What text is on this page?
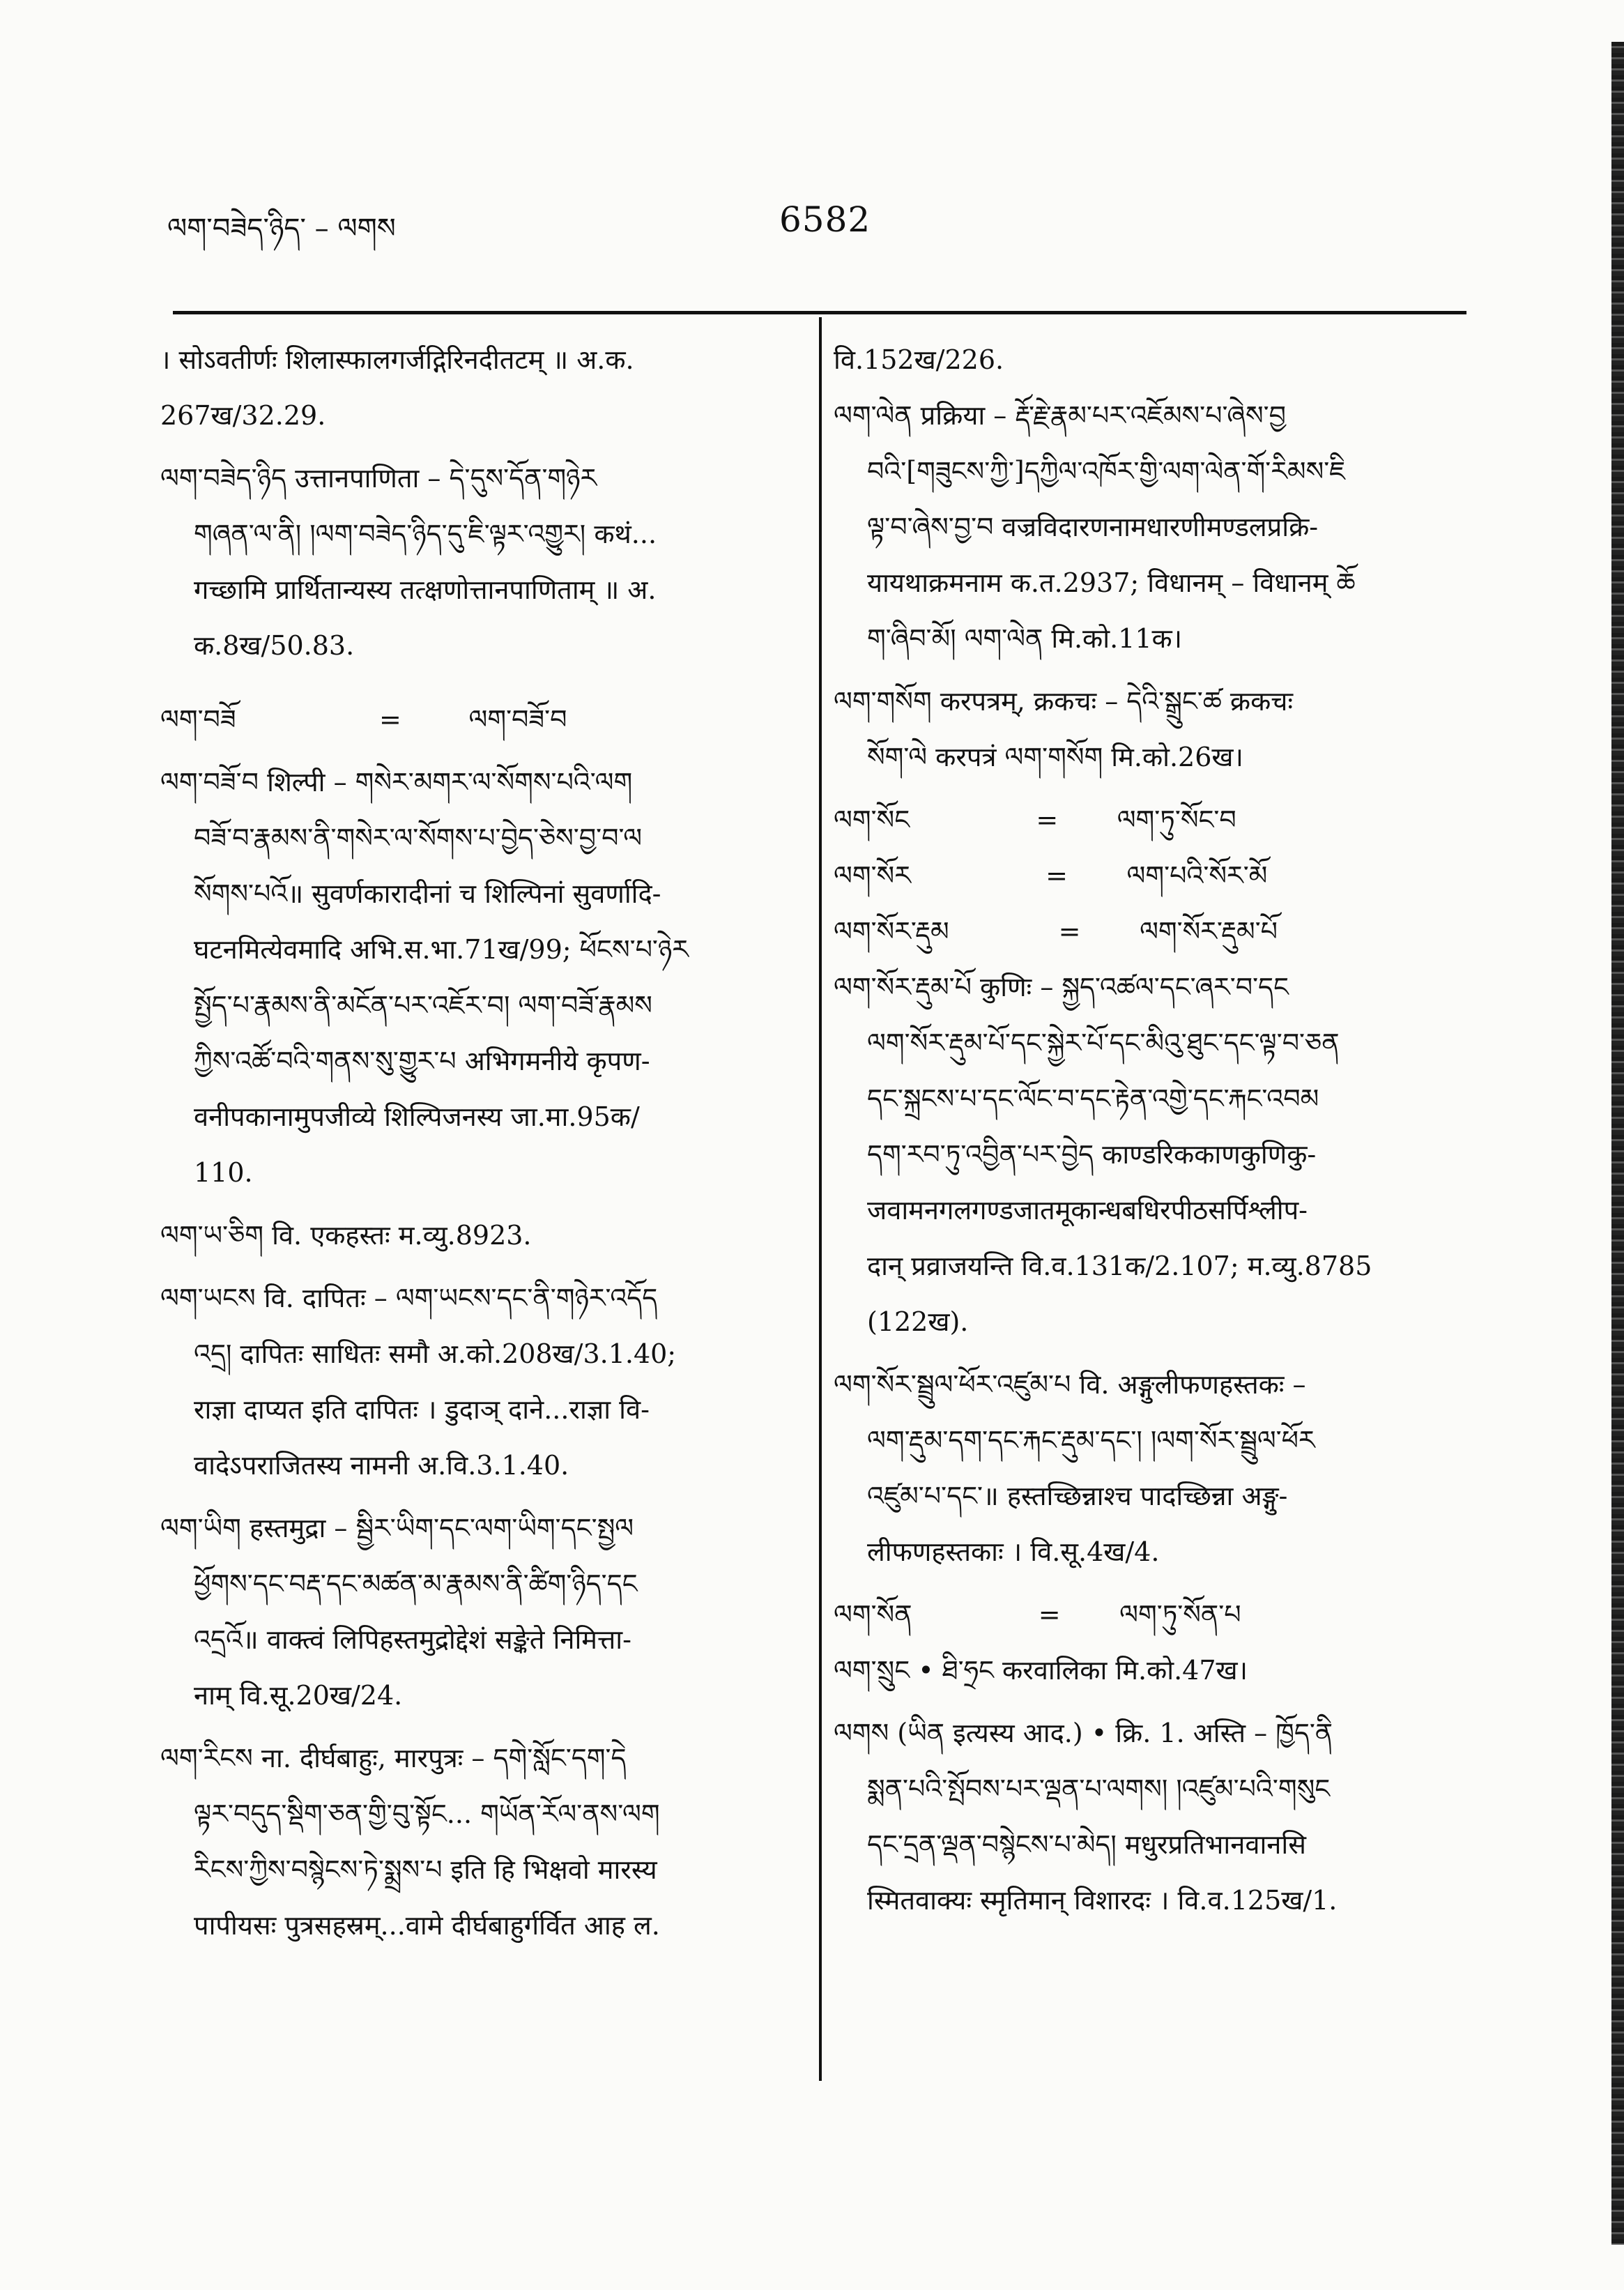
ལག་བཟེད་ཉིད་ – ལགས	6582
। सोऽवतीर्णः शिलास्फालगर्जद्गिरिनदीतटम् ॥ अ.क.
267ख/32.29.
ལག་བཟེད་ཉིད उत्तानपाणिता – དེ་དུས་དོན་གཉེར
གཞན་ལ་ནི། །ལག་བཟེད་ཉིད་དུ་ཇི་ལྟར་འགྱུར། कथं...
गच्छामि प्रार्थितान्यस्य तत्क्षणोत्तानपाणिताम् ॥ अ.
क.8ख/50.83.
ལག་བཟོ                 =        ལག་བཟོ་བ
ལག་བཟོ་བ शिल्पी – གསེར་མགར་ལ་སོགས་པའི་ལག
བཟོ་བ་རྣམས་ནི་གསེར་ལ་སོགས་པ་བྱེད་ཅེས་བྱ་བ་ལ
སོགས་པའོ॥ सुवर्णकारादीनां च शिल्पिनां सुवर्णादि-
घटनमित्येवमादि अभि.स.भा.71ख/99; ཕོངས་པ་ཉེར
སྤྱོད་པ་རྣམས་ནི་མངོན་པར་འཇོར་བ། ལག་བཟོ་རྣམས
ཀྱིས་འཚོ་བའི་གནས་སུ་གྱུར་པ अभिगमनीये कृपण-
वनीपकानामुपजीव्ये शिल्पिजनस्य जा.मा.95क/
110.
ལག་ཡ་ཅིག वि. एकहस्तः म.व्यु.8923.
ལག་ཡངས वि. दापितः – ལག་ཡངས་དང་ནི་གཉེར་འདོད
འདྲ། दापितः साधितः समौ अ.को.208ख/3.1.40;
राज्ञा दाप्यत इति दापितः । डुदाञ् दाने...राज्ञा वि-
वादेऽपराजितस्य नामनी अ.वि.3.1.40.
ལག་ཡིག हस्तमुद्रा – སྦྱིར་ཡིག་དང་ལག་ཡིག་དང་སྤྱལ
ཕྱོགས་དང་བརྡ་དང་མཚན་མ་རྣམས་ནི་ཚིག་ཉིད་དང
འདྲའོ॥ वाक्त्वं लिपिहस्तमुद्रोद्देशं सङ्केते निमित्ता-
नाम् वि.सू.20ख/24.
ལག་རིངས ना. दीर्घबाहुः, मारपुत्रः – དགེ་སློང་དག་དེ
ལྟར་བདུད་སྡིག་ཅན་གྱི་བུ་སྟོང... གཡོན་རོལ་ནས་ལག
རིངས་ཀྱིས་བསྙེངས་ཏེ་སྨྲས་པ इति हि भिक्षवो मारस्य
पापीयसः पुत्रसहस्रम्...वामे दीर्घबाहुर्गर्वित आह ल.
वि.152ख/226.
ལག་ལེན प्रक्रिया – རྡོ་རྗེ་རྣམ་པར་འཇོམས་པ་ཞེས་བྱ
བའི་[གཟུངས་ཀྱི་]དཀྱིལ་འཁོར་གྱི་ལག་ལེན་གོ་རིམས་ཇི
ལྟ་བ་ཞེས་བྱ་བ वज्रविदारणनामधारणीमण्डलप्रक्रि-
यायथाक्रमनाम क.त.2937; विधानम् – विधानम् ཆོ
ག་ཞིབ་མོ། ལག་ལེན मि.को.11क।
ལག་གསོག करपत्रम्, क्रकचः – དེའི་སྒྲུང་ཚ क्रकचः
སོག་ལེ करपत्रं ལག་གསོག मि.को.26ख।
ལག་སོང               =       ལག་ཏུ་སོང་བ
ལག་སོར                =       ལག་པའི་སོར་མོ
ལག་སོར་རྡུམ             =       ལག་སོར་རྡུམ་པོ
ལག་སོར་རྡུམ་པོ कुणिः – སྐྱད་འཚལ་དང་ཞར་བ་དང
ལག་སོར་རྡུམ་པོ་དང་སྐྱེར་པོ་དང་མིའུ་ཐུང་དང་ལྟ་བ་ཅན
དང་སྐྲངས་པ་དང་ལོང་བ་དང་རྟེན་འགྱེ་དང་རྐང་འབམ
དག་རབ་ཏུ་འབྱིན་པར་བྱེད काण्डरिककाणकुणिकु-
जवामनगलगण्डजातमूकान्धबधिरपीठसर्पिश्लीप-
दान् प्रव्राजयन्ति वि.व.131क/2.107; म.व्यु.8785
(122ख).
ལག་སོར་སྦྲུལ་ཕོར་འཛུམ་པ वि. अङ्गुलीफणहस्तकः –
ལག་རྡུམ་དག་དང་རྐང་རྡུམ་དང་། །ལག་སོར་སྦྲུལ་ཕོར
འཛུམ་པ་དང་॥ हस्तच्छिन्नाश्च पादच्छिन्ना अङ्गु-
लीफणहस्तकाः । वि.सू.4ख/4.
ལག་སོན               =       ལག་ཏུ་སོན་པ
ལག་སྲུང • ཐི་ཧྲང करवालिका मि.को.47ख।
ལགས (ཡིན इत्यस्य आद.) • क्रि. 1. अस्ति – ཁྱོད་ནི
སྨན་པའི་སྤོབས་པར་ལྡན་པ་ལགས། །འཛུམ་པའི་གསུང
དང་དྲན་ལྡན་བསྙེངས་པ་མེད། मधुरप्रतिभानवानसि
स्मितवाक्यः स्मृतिमान् विशारदः । वि.व.125ख/1.
